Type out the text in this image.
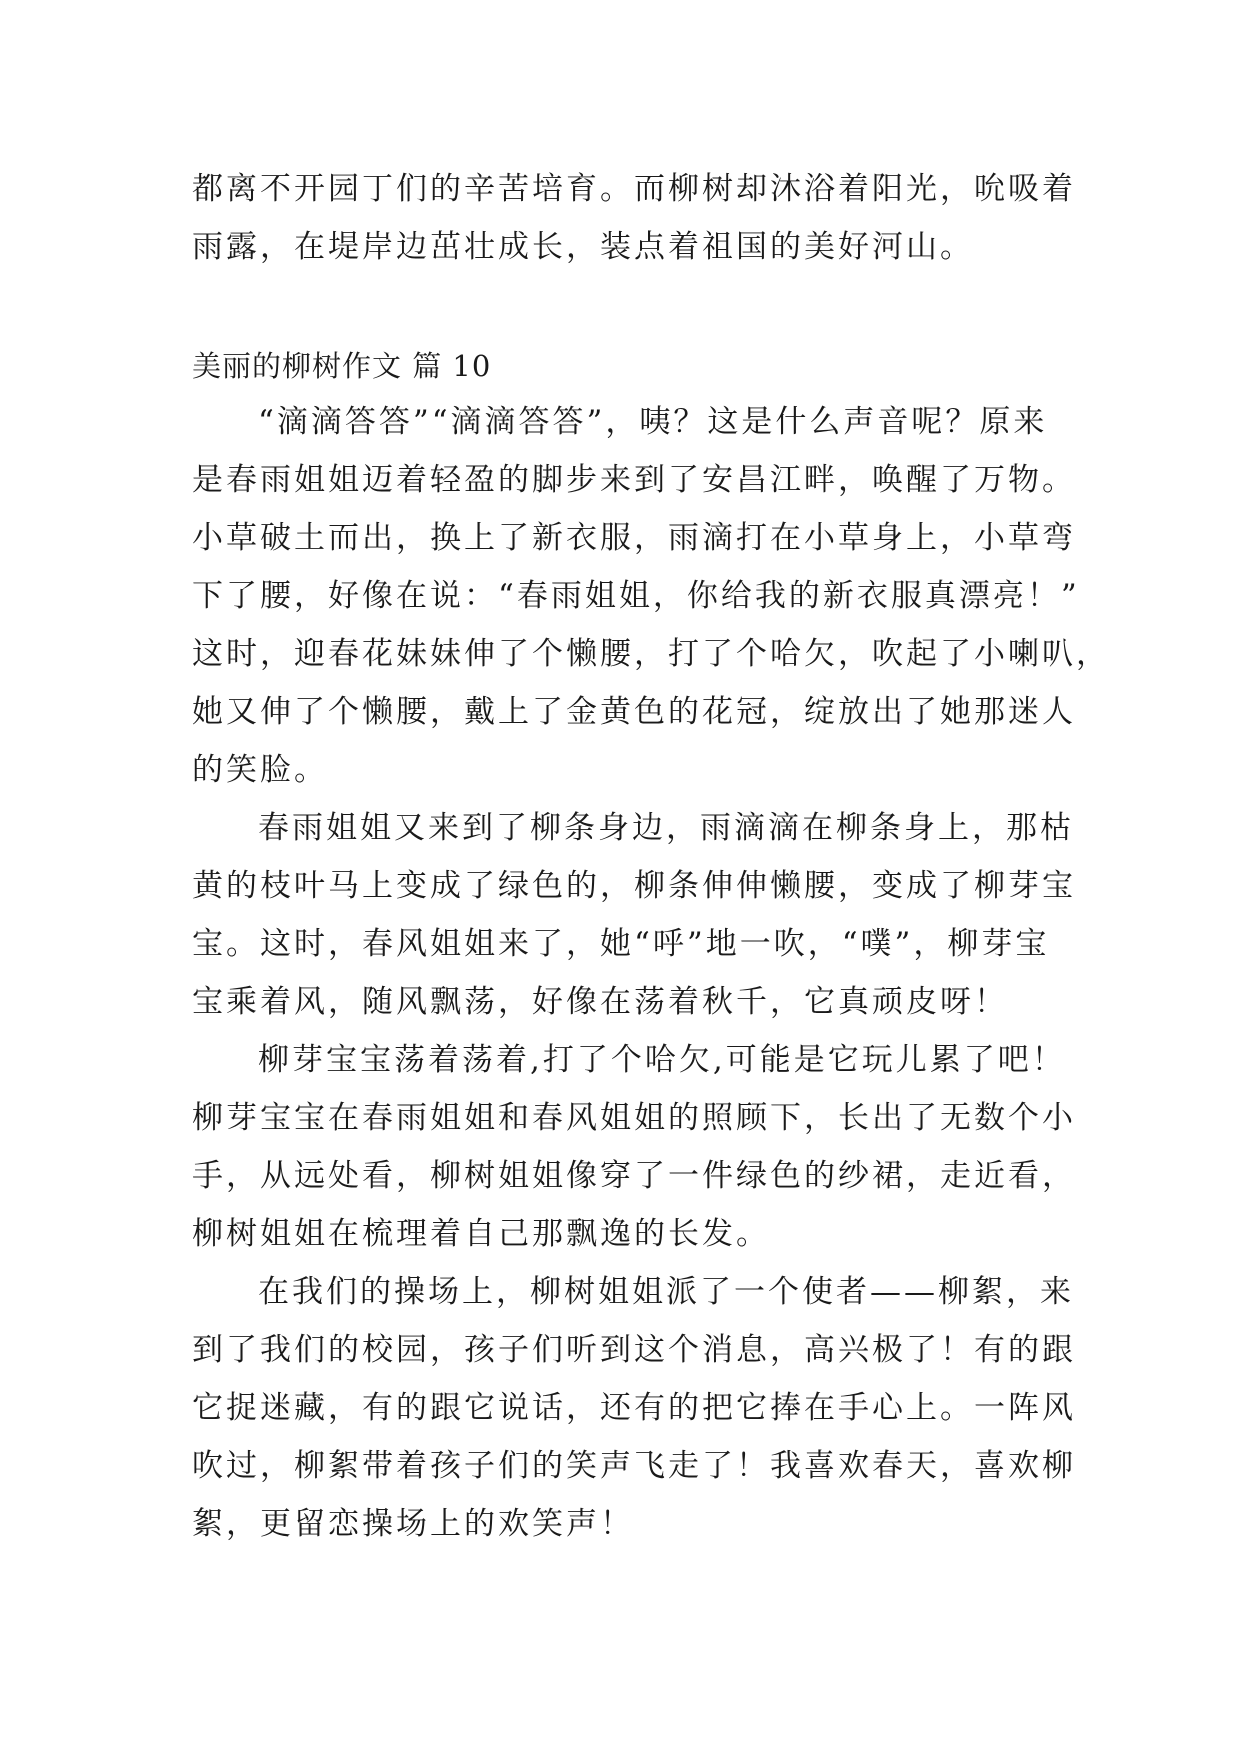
都离不开园丁们的辛苦培育。而柳树却沐浴着阳光，吮吸着
雨露，在堤岸边茁壮成长，装点着祖国的美好河山。
美丽的柳树作文 篇 10
“滴滴答答”“滴滴答答”，咦？这是什么声音呢？原来
是春雨姐姐迈着轻盈的脚步来到了安昌江畔，唤醒了万物。
小草破土而出，换上了新衣服，雨滴打在小草身上，小草弯
下了腰，好像在说：“春雨姐姐，你给我的新衣服真漂亮！”
这时，迎春花妹妹伸了个懒腰，打了个哈欠，吹起了小喇叭，
她又伸了个懒腰，戴上了金黄色的花冠，绽放出了她那迷人
的笑脸。
春雨姐姐又来到了柳条身边，雨滴滴在柳条身上，那枯
黄的枝叶马上变成了绿色的，柳条伸伸懒腰，变成了柳芽宝
宝。这时，春风姐姐来了，她“呼”地一吹，“噗”，柳芽宝
宝乘着风，随风飘荡，好像在荡着秋千，它真顽皮呀！
柳芽宝宝荡着荡着,打了个哈欠,可能是它玩儿累了吧！
柳芽宝宝在春雨姐姐和春风姐姐的照顾下，长出了无数个小
手，从远处看，柳树姐姐像穿了一件绿色的纱裙，走近看，
柳树姐姐在梳理着自己那飘逸的长发。
在我们的操场上，柳树姐姐派了一个使者——柳絮，来
到了我们的校园，孩子们听到这个消息，高兴极了！有的跟
它捉迷藏，有的跟它说话，还有的把它捧在手心上。一阵风
吹过，柳絮带着孩子们的笑声飞走了！我喜欢春天，喜欢柳
絮，更留恋操场上的欢笑声！
